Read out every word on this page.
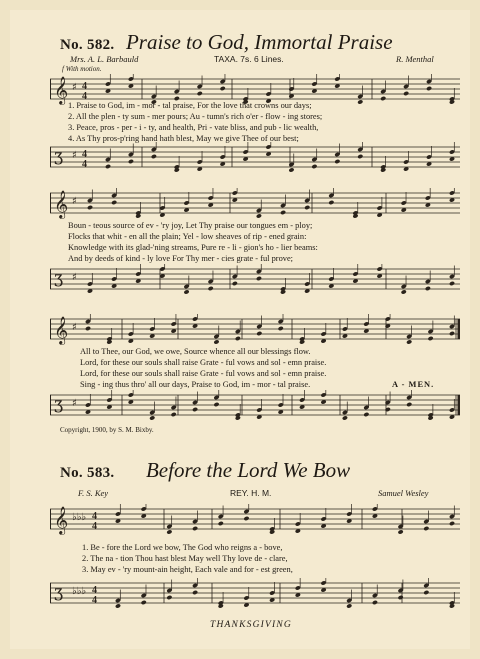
No. 582. Praise to God, Immortal Praise
Mrs. A. L. Barbauld	TAXA. 7s. 6 Lines.	R. Menthal
f With motion.
𝄞 ♯ 4
4
1. Praise to God, im - mor - tal praise, For the love that crowns our days;
2. All the plen - ty sum - mer pours; Au - tumn's rich o'er - flow - ing stores;
3. Peace, pros - per - i - ty, and health, Pri - vate bliss, and pub - lic wealth,
4. As Thy pros-p'ring hand hath blest, May we give Thee of our best;
ʒ ♯ 4
4
𝄞 ♯
Boun - teous source of ev - 'ry joy, Let Thy praise our tongues em - ploy;
Flocks that whit - en all the plain; Yel - low sheaves of rip - ened grain:
Knowledge with its glad-'ning streams, Pure re - li - gion's ho - lier beams:
And by deeds of kind - ly love For Thy mer - cies grate - ful prove;
ʒ ♯
𝄞 ♯
All to Thee, our God, we owe, Source whence all our blessings flow.
Lord, for these our souls shall raise Grate - ful vows and sol - emn praise.
Lord, for these our souls shall raise Grate - ful vows and sol - emn praise.
Sing - ing thus thro' all our days, Praise to God, im - mor - tal praise.	A - MEN.
ʒ ♯
Copyright, 1900, by S. M. Bixby.
No. 583. Before the Lord We Bow
F. S. Key	REY. H. M.	Samuel Wesley
𝄞 ♭♭♭ 4
4
1. Be - fore the Lord we bow, The God who reigns a - bove,
2. The na - tion Thou hast blest May well Thy love de - clare,
3. May ev - 'ry mount-ain height, Each vale and for - est green,
ʒ ♭♭♭ 4
4
THANKSGIVING
